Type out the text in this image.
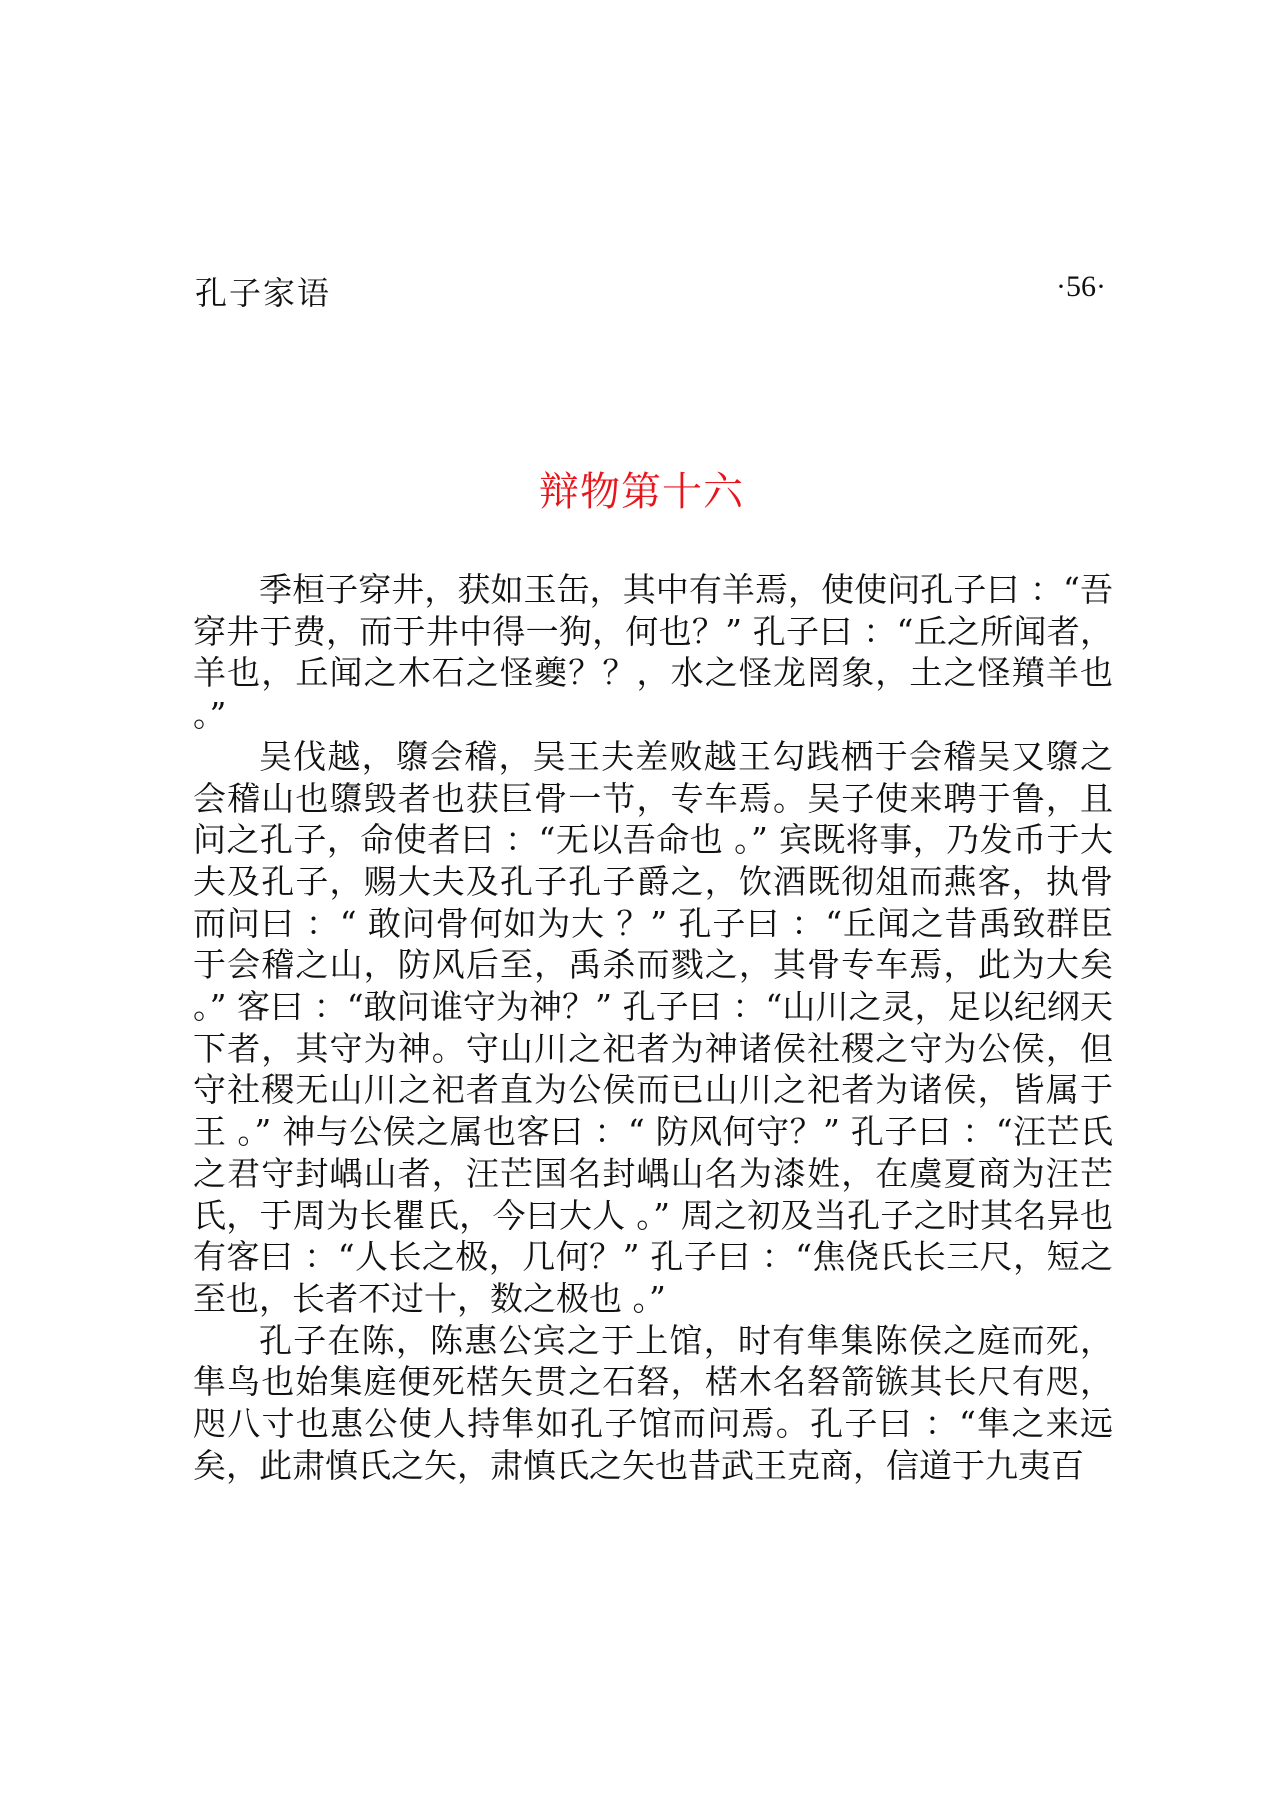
孔子家语	·56·
辩物第十六

季桓子穿井，获如玉缶，其中有羊焉，使使问孔子曰 ：“吾穿井于费，而于井中得一狗，何也？” 孔子曰 ：“丘之所闻者，羊也，丘闻之木石之怪夔？？，水之怪龙罔象，土之怪羵羊也 。”

吴伐越，隳会稽，吴王夫差败越王勾践栖于会稽吴又隳之会稽山也隳毁者也获巨骨一节，专车焉。吴子使来聘于鲁，且问之孔子，命使者曰 ：“无以吾命也 。” 宾既将事，乃发币于大夫及孔子，赐大夫及孔子孔子爵之，饮酒既彻俎而燕客，执骨而问曰 ：“ 敢问骨何如为大 ？” 孔子曰 ：“丘闻之昔禹致群臣于会稽之山，防风后至，禹杀而戮之，其骨专车焉，此为大矣 。” 客曰 ：“敢问谁守为神？” 孔子曰 ：“山川之灵，足以纪纲天下者，其守为神。守山川之祀者为神诸侯社稷之守为公侯，但守社稷无山川之祀者直为公侯而已山川之祀者为诸侯，皆属于王 。” 神与公侯之属也客曰 ：“ 防风何守？” 孔子曰 ：“汪芒氏之君守封嵎山者，汪芒国名封嵎山名为漆姓，在虞夏商为汪芒氏，于周为长瞿氏，今曰大人 。” 周之初及当孔子之时其名异也有客曰 ：“人长之极，几何？” 孔子曰 ：“焦侥氏长三尺，短之至也，长者不过十，数之极也 。”

孔子在陈，陈惠公宾之于上馆，时有隼集陈侯之庭而死，隼鸟也始集庭便死楛矢贯之石砮，楛木名砮箭镞其长尺有咫，咫八寸也惠公使人持隼如孔子馆而问焉。孔子曰 ：“隼之来远矣，此肃慎氏之矢，肃慎氏之矢也昔武王克商，信道于九夷百
